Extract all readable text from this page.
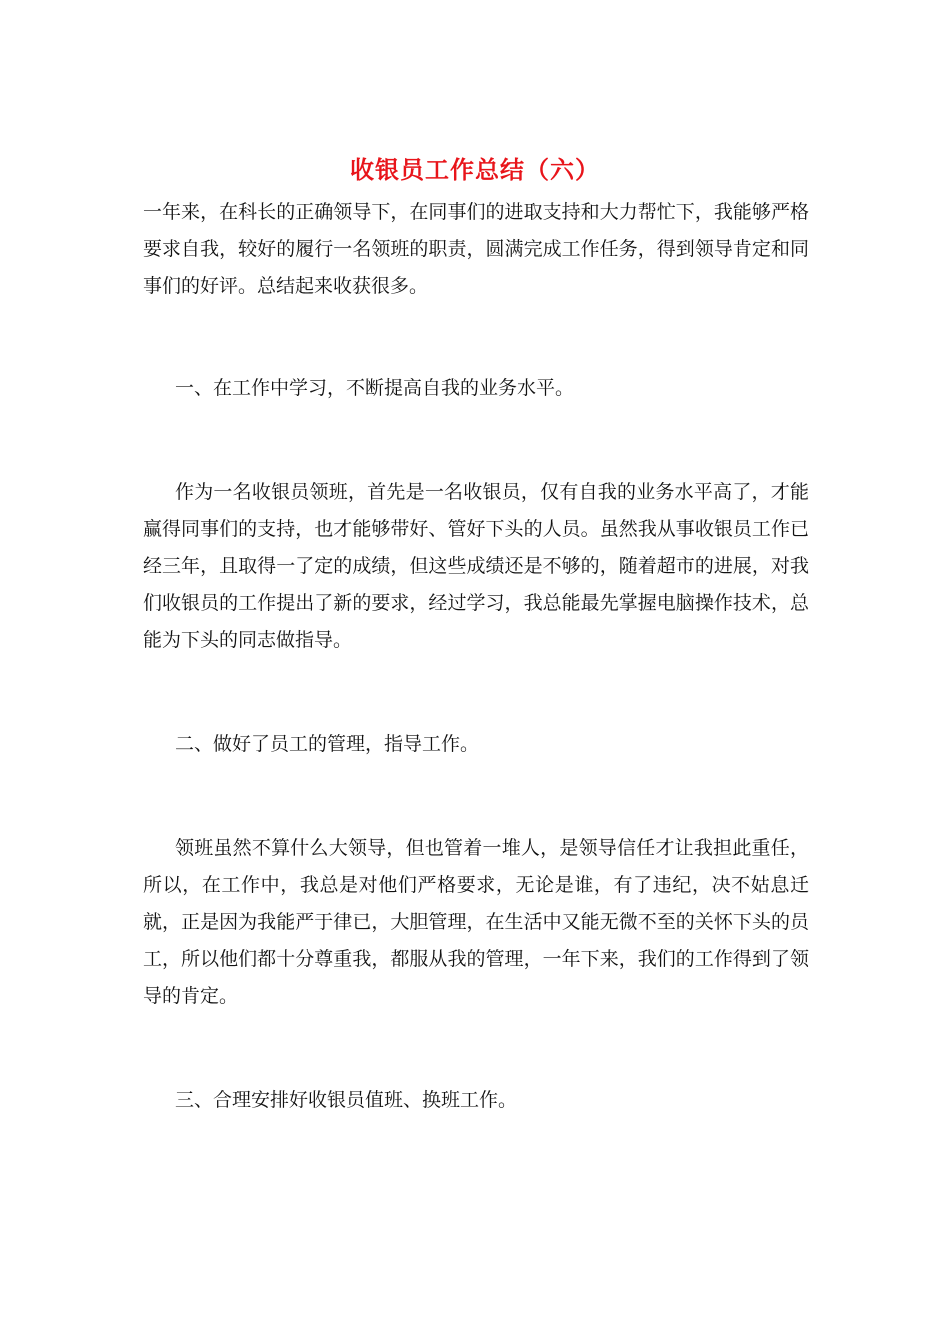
收银员工作总结（六）

一年来，在科长的正确领导下，在同事们的进取支持和大力帮忙下，我能够严格要求自我，较好的履行一名领班的职责，圆满完成工作任务，得到领导肯定和同事们的好评。总结起来收获很多。

一、在工作中学习，不断提高自我的业务水平。

作为一名收银员领班，首先是一名收银员，仅有自我的业务水平高了，才能赢得同事们的支持，也才能够带好、管好下头的人员。虽然我从事收银员工作已经三年，且取得一了定的成绩，但这些成绩还是不够的，随着超市的进展，对我们收银员的工作提出了新的要求，经过学习，我总能最先掌握电脑操作技术，总能为下头的同志做指导。

二、做好了员工的管理，指导工作。

领班虽然不算什么大领导，但也管着一堆人，是领导信任才让我担此重任，所以，在工作中，我总是对他们严格要求，无论是谁，有了违纪，决不姑息迁就，正是因为我能严于律已，大胆管理，在生活中又能无微不至的关怀下头的员工，所以他们都十分尊重我，都服从我的管理，一年下来，我们的工作得到了领导的肯定。

三、合理安排好收银员值班、换班工作。
